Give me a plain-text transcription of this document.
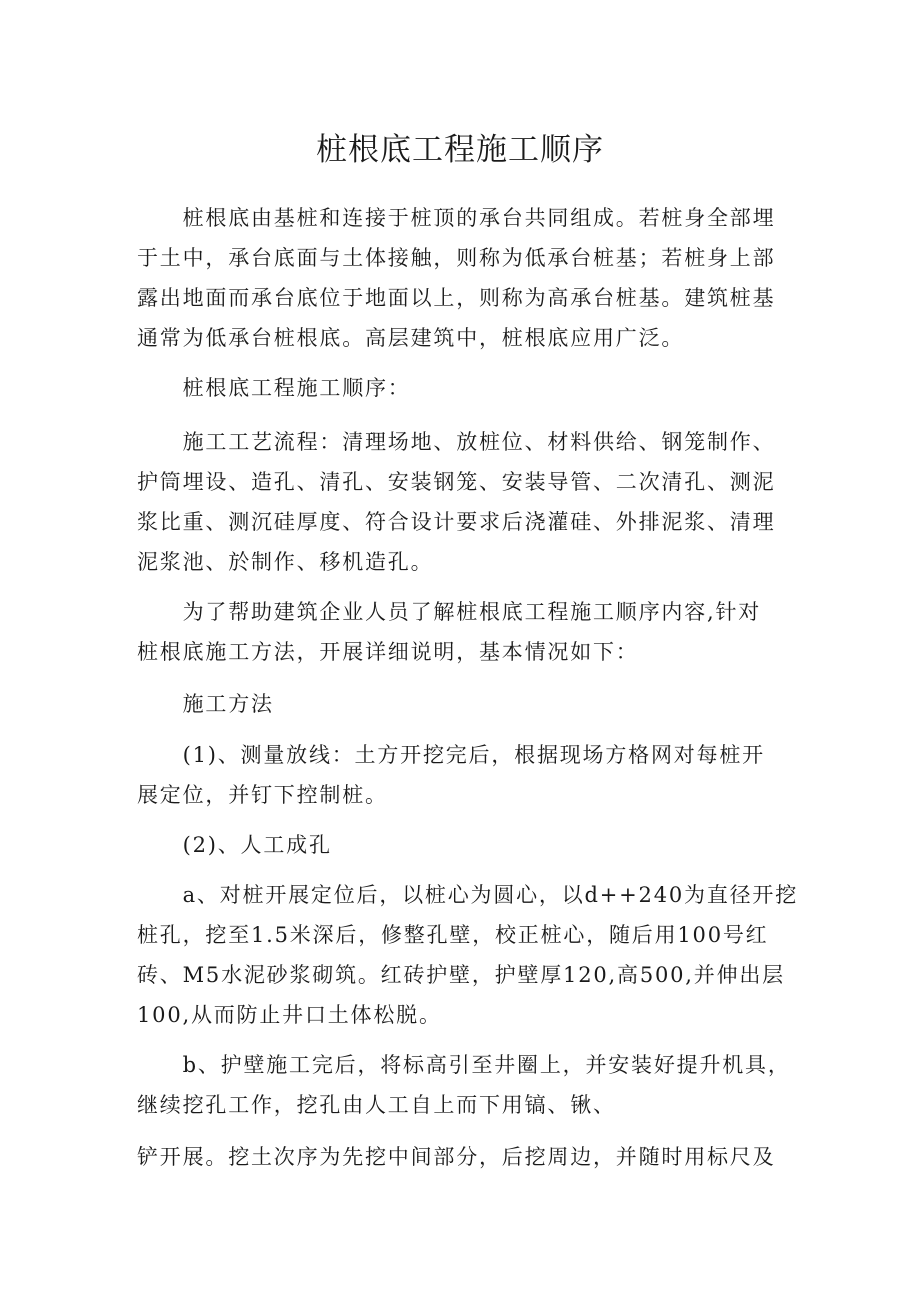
桩根底工程施工顺序
　　桩根底由基桩和连接于桩顶的承台共同组成。若桩身全部埋
于土中，承台底面与土体接触，则称为低承台桩基；若桩身上部
露出地面而承台底位于地面以上，则称为高承台桩基。建筑桩基
通常为低承台桩根底。高层建筑中，桩根底应用广泛。
　　桩根底工程施工顺序：
　　施工工艺流程：清理场地、放桩位、材料供给、钢笼制作、
护筒埋设、造孔、清孔、安装钢笼、安装导管、二次清孔、测泥
浆比重、测沉硅厚度、符合设计要求后浇灌硅、外排泥浆、清理
泥浆池、於制作、移机造孔。
　　为了帮助建筑企业人员了解桩根底工程施工顺序内容,针对
桩根底施工方法，开展详细说明，基本情况如下：
　　施工方法
　　(1)、测量放线：土方开挖完后，根据现场方格网对每桩开
展定位，并钉下控制桩。
　　(2)、人工成孔
　　a、对桩开展定位后，以桩心为圆心，以d++240为直径开挖
桩孔，挖至1.5米深后，修整孔壁，校正桩心，随后用100号红
砖、M5水泥砂浆砌筑。红砖护壁，护壁厚120,高500,并伸出层
100,从而防止井口土体松脱。
　　b、护壁施工完后，将标高引至井圈上，并安装好提升机具，
继续挖孔工作，挖孔由人工自上而下用镐、锹、
铲开展。挖土次序为先挖中间部分，后挖周边，并随时用标尺及
